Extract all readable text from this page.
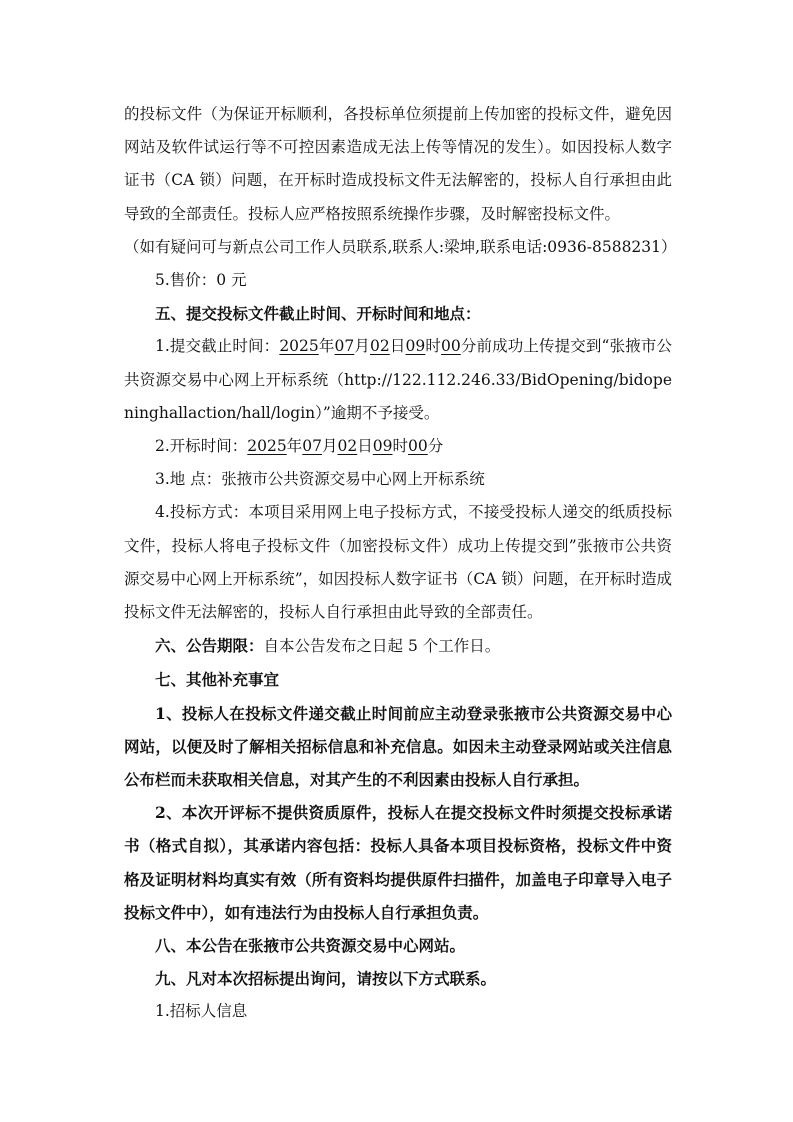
的投标文件（为保证开标顺利，各投标单位须提前上传加密的投标文件，避免因网站及软件试运行等不可控因素造成无法上传等情况的发生）。如因投标人数字证书（CA 锁）问题，在开标时造成投标文件无法解密的，投标人自行承担由此导致的全部责任。投标人应严格按照系统操作步骤，及时解密投标文件。

（如有疑问可与新点公司工作人员联系,联系人:梁坤,联系电话:0936-8588231）

5.售价：0 元

五、提交投标文件截止时间、开标时间和地点：

1.提交截止时间：2025年07月02日09时00分前成功上传提交到“张掖市公共资源交易中心网上开标系统（http://122.112.246.33/BidOpening/bidopeninghallaction/hall/login）”逾期不予接受。

2.开标时间：2025年07月02日09时00分

3.地 点：张掖市公共资源交易中心网上开标系统

4.投标方式：本项目采用网上电子投标方式，不接受投标人递交的纸质投标文件，投标人将电子投标文件（加密投标文件）成功上传提交到”张掖市公共资源交易中心网上开标系统”，如因投标人数字证书（CA 锁）问题，在开标时造成投标文件无法解密的，投标人自行承担由此导致的全部责任。

六、公告期限：自本公告发布之日起 5 个工作日。

七、其他补充事宜

1、投标人在投标文件递交截止时间前应主动登录张掖市公共资源交易中心网站，以便及时了解相关招标信息和补充信息。如因未主动登录网站或关注信息公布栏而未获取相关信息，对其产生的不利因素由投标人自行承担。

2、本次开评标不提供资质原件，投标人在提交投标文件时须提交投标承诺书（格式自拟），其承诺内容包括：投标人具备本项目投标资格，投标文件中资格及证明材料均真实有效（所有资料均提供原件扫描件，加盖电子印章导入电子投标文件中），如有违法行为由投标人自行承担负责。

八、本公告在张掖市公共资源交易中心网站。

九、凡对本次招标提出询问，请按以下方式联系。

1.招标人信息
